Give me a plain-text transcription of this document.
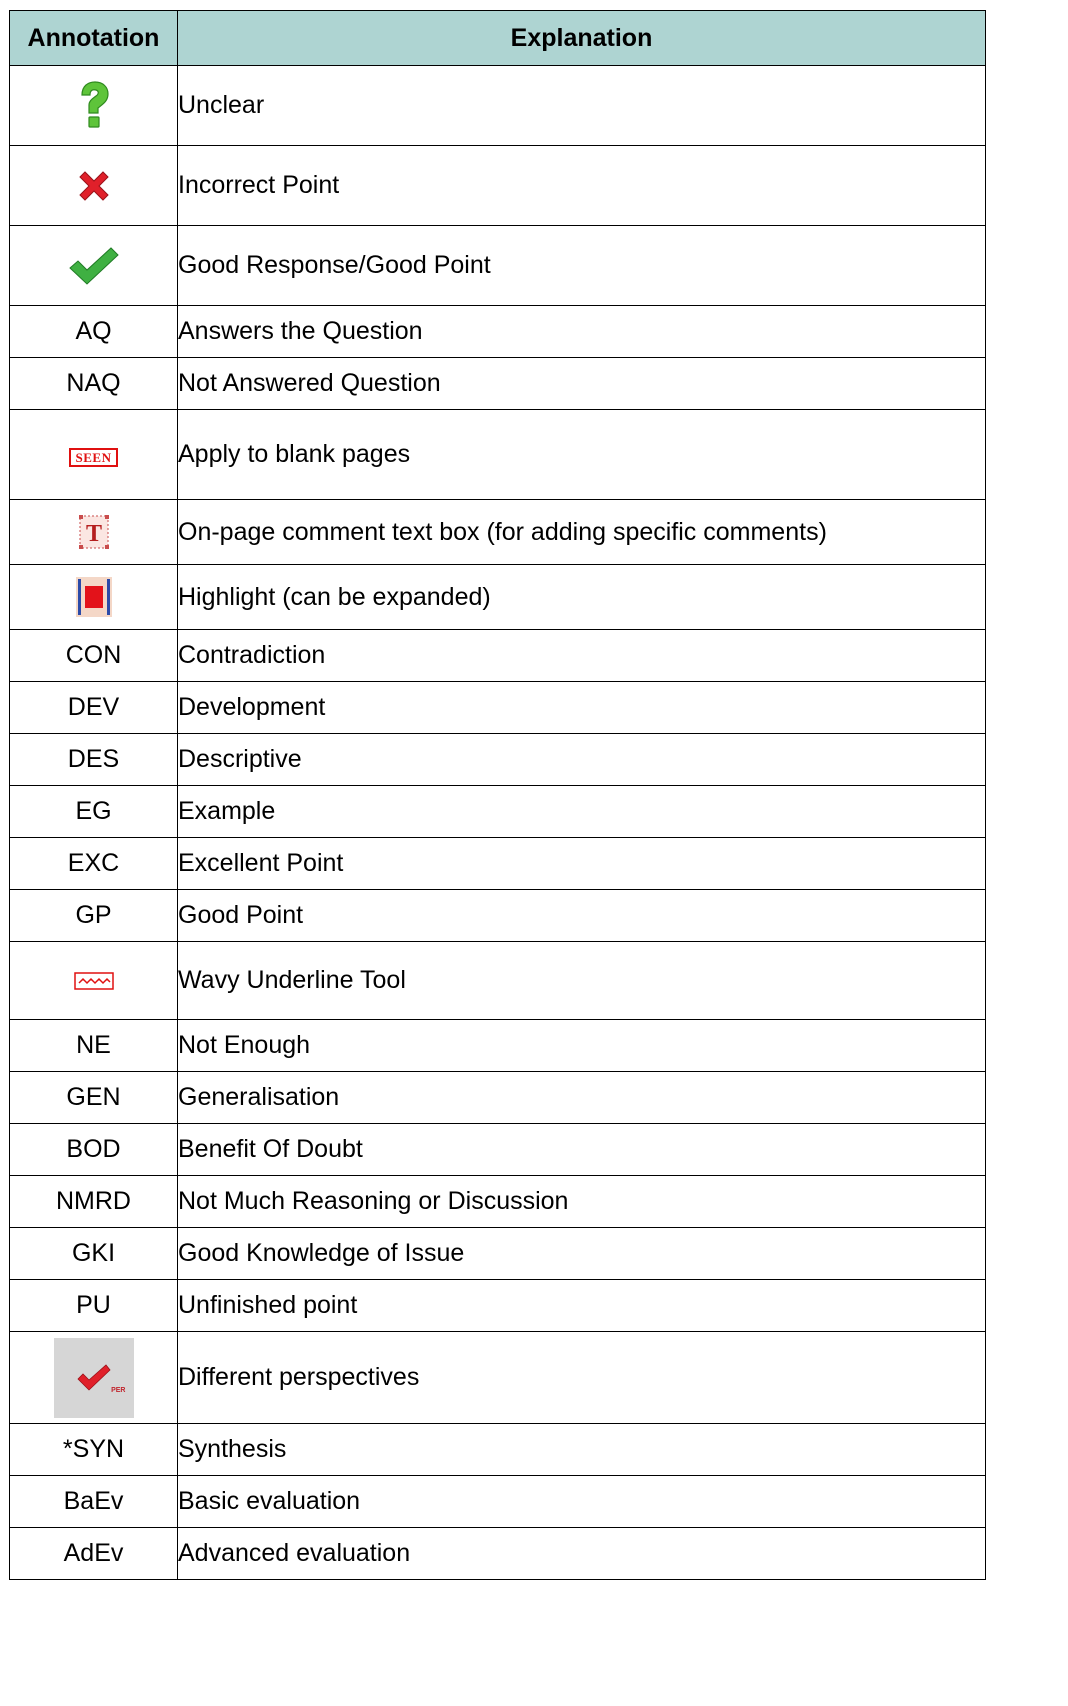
Annotation	Explanation

	Unclear

	Incorrect Point

	Good Response/Good Point
AQ	Answers the Question
NAQ	Not Answered Question
SEEN	Apply to blank pages

T	On-page comment text box (for adding specific comments)

	Highlight (can be expanded)
CON	Contradiction
DEV	Development
DES	Descriptive
EG	Example
EXC	Excellent Point
GP	Good Point

	Wavy Underline Tool
NE	Not Enough
GEN	Generalisation
BOD	Benefit Of Doubt
NMRD	Not Much Reasoning or Discussion
GKI	Good Knowledge of Issue
PU	Unfinished point

PER	Different perspectives
*SYN	Synthesis
BaEv	Basic evaluation
AdEv	Advanced evaluation
